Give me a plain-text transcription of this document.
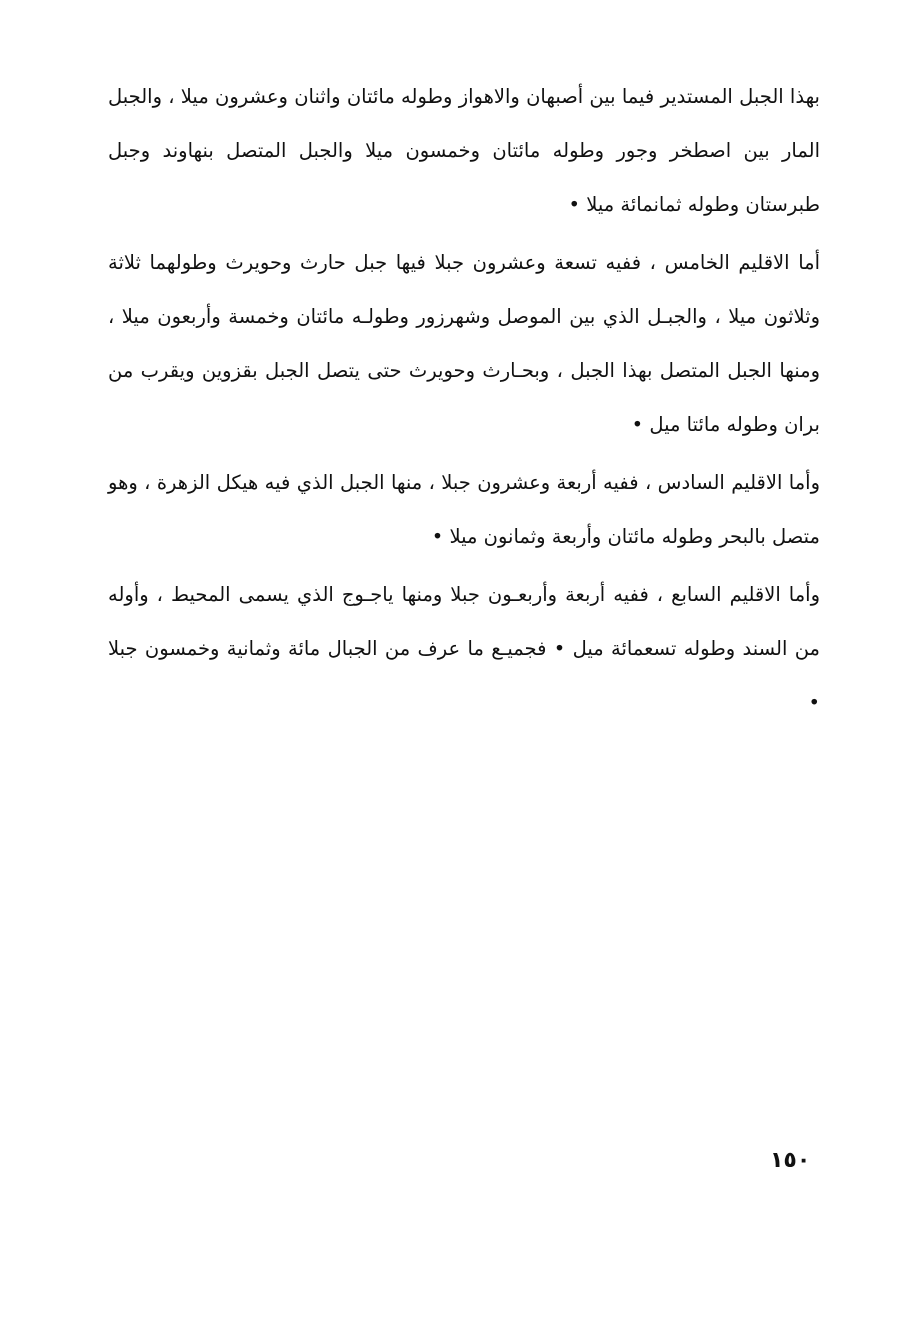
بهذا الجبل المستدير فيما بين أصبهان والاهواز وطوله مائتان واثنان وعشرون ميلا ، والجبل المار بين اصطخر وجور وطوله مائتان وخمسون ميلا والجبل المتصل بنهاوند وجبل طبرستان وطوله ثمانمائة ميلا •

أما الاقليم الخامس ، ففيه تسعة وعشرون جبلا فيها جبل حارث وحويرث وطولهما ثلاثة وثلاثون ميلا ، والجبـل الذي بين الموصل وشهرزور وطولـه مائتان وخمسة وأربعون ميلا ، ومنها الجبل المتصل بهذا الجبل ، وبحـارث وحويرث حتى يتصل الجبل بقزوين ويقرب من بران وطوله مائتا ميل •

وأما الاقليم السادس ، ففيه أربعة وعشرون جبلا ، منها الجبل الذي فيه هيكل الزهرة ، وهو متصل بالبحر وطوله مائتان وأربعة وثمانون ميلا •

وأما الاقليم السابع ، ففيه أربعة وأربعـون جبلا ومنها ياجـوج الذي يسمى المحيط ، وأوله من السند وطوله تسعمائة ميل • فجميـع ما عرف من الجبال مائة وثمانية وخمسون جبلا •

١٥٠
